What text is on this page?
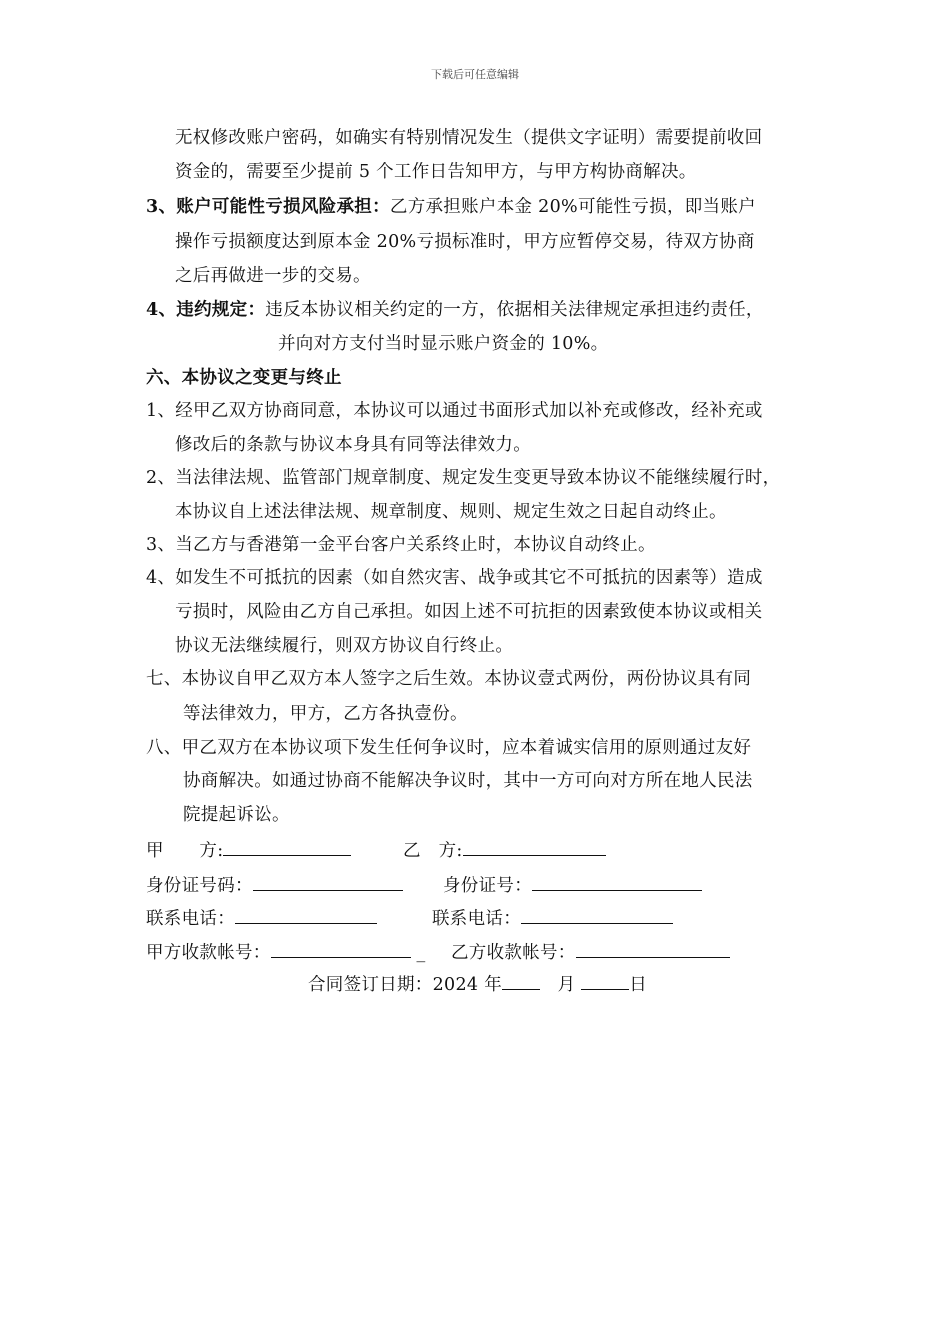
下载后可任意编辑
无权修改账户密码，如确实有特别情况发生（提供文字证明）需要提前收回
资金的，需要至少提前 5 个工作日告知甲方，与甲方构协商解决。
3、账户可能性亏损风险承担：乙方承担账户本金 20%可能性亏损，即当账户
操作亏损额度达到原本金 20%亏损标准时，甲方应暂停交易，待双方协商
之后再做进一步的交易。
4、违约规定：违反本协议相关约定的一方，依据相关法律规定承担违约责任，
并向对方支付当时显示账户资金的 10%。
六、本协议之变更与终止
1、经甲乙双方协商同意，本协议可以通过书面形式加以补充或修改，经补充或
修改后的条款与协议本身具有同等法律效力。
2、当法律法规、监管部门规章制度、规定发生变更导致本协议不能继续履行时，
本协议自上述法律法规、规章制度、规则、规定生效之日起自动终止。
3、当乙方与香港第一金平台客户关系终止时，本协议自动终止。
4、如发生不可抵抗的因素（如自然灾害、战争或其它不可抵抗的因素等）造成
亏损时，风险由乙方自己承担。如因上述不可抗拒的因素致使本协议或相关
协议无法继续履行，则双方协议自行终止。
七、本协议自甲乙双方本人签字之后生效。本协议壹式两份，两份协议具有同
等法律效力，甲方，乙方各执壹份。
八、甲乙双方在本协议项下发生任何争议时，应本着诚实信用的原则通过友好
协商解决。如通过协商不能解决争议时，其中一方可向对方所在地人民法
院提起诉讼。
甲　　方:	乙　方:
身份证号码：	身份证号：
联系电话：	联系电话：
甲方收款帐号：	_ 乙方收款帐号：
合同签订日期：2024 年	月	日
